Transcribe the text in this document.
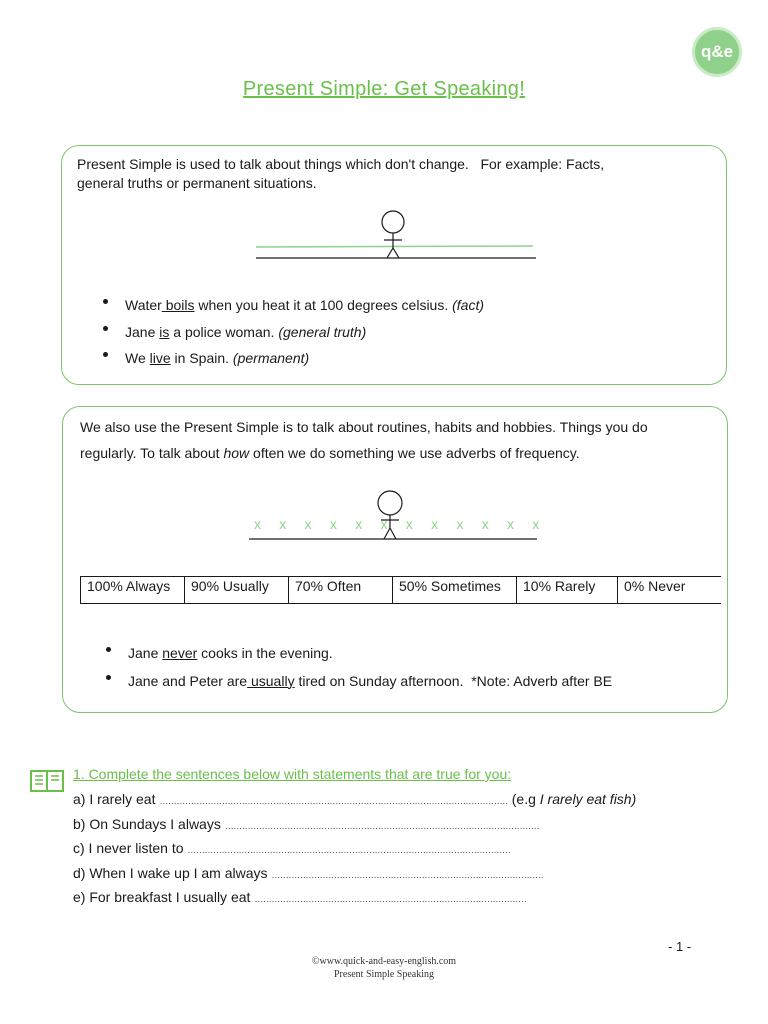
q&e
Present Simple: Get Speaking!
Present Simple is used to talk about things which don't change.   For example: Facts,
general truths or permanent situations.
x x x x x x x x x x x x
Water boils when you heat it at 100 degrees celsius. (fact)
Jane is a police woman. (general truth)
We live in Spain. (permanent)
We also use the Present Simple is to talk about routines, habits and hobbies. Things you do
regularly. To talk about how often we do something we use adverbs of frequency.
100% Always	90% Usually	70% Often	50% Sometimes	10% Rarely	0% Never
Jane never cooks in the evening.
Jane and Peter are usually tired on Sunday afternoon.  *Note: Adverb after BE
1. Complete the sentences below with statements that are true for you:
a) I rarely eat …………………………………………………………………………………………………………… (e.g I rarely eat fish)
b) On Sundays I always …………………………………………………………………………………………………
c) I never listen to ……………………………………………………………………………………………………
d) When I wake up I am always ……………………………………………………………………………………
e) For breakfast I usually eat ……………………………………………………………………………………
- 1 -
©www.quick-and-easy-english.com
Present Simple Speaking
